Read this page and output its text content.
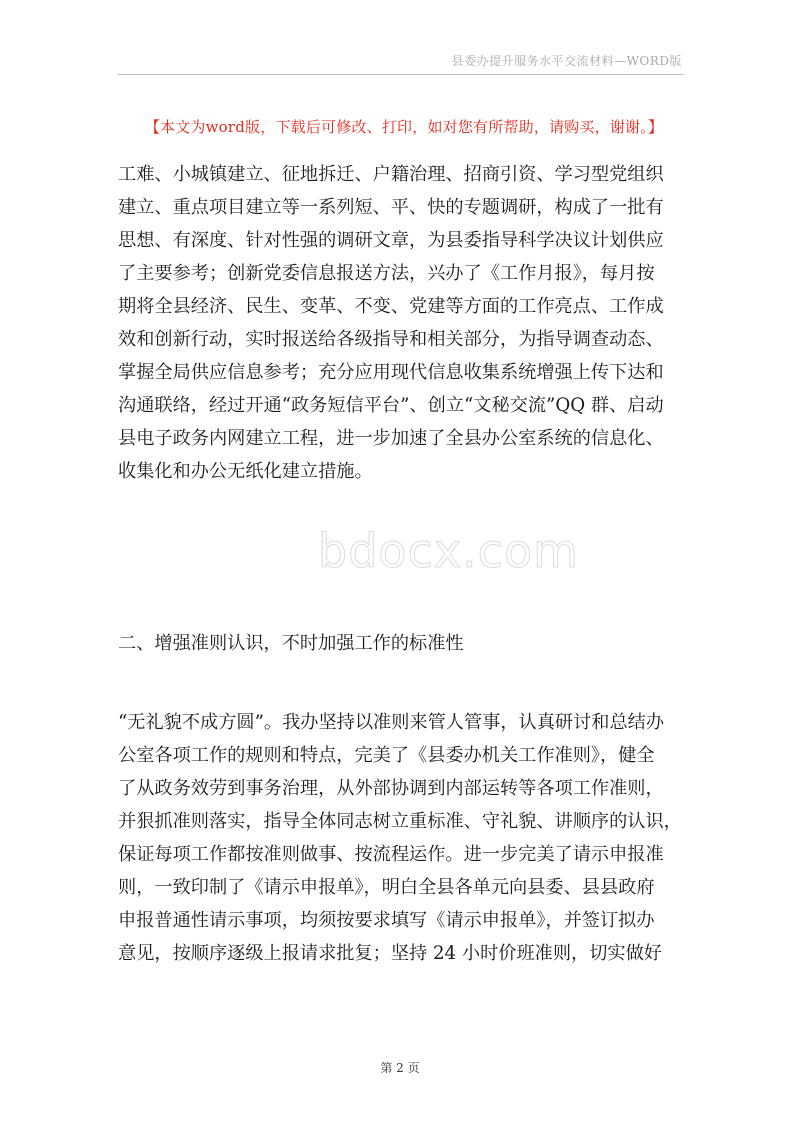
县委办提升服务水平交流材料—WORD版
【本文为word版，下载后可修改、打印，如对您有所帮助，请购买，谢谢。】
工难、小城镇建立、征地拆迁、户籍治理、招商引资、学习型党组织
建立、重点项目建立等一系列短、平、快的专题调研，构成了一批有
思想、有深度、针对性强的调研文章，为县委指导科学决议计划供应
了主要参考；创新党委信息报送方法，兴办了《工作月报》，每月按
期将全县经济、民生、变革、不变、党建等方面的工作亮点、工作成
效和创新行动，实时报送给各级指导和相关部分，为指导调查动态、
掌握全局供应信息参考；充分应用现代信息收集系统增强上传下达和
沟通联络，经过开通“政务短信平台”、创立“文秘交流”QQ 群、启动
县电子政务内网建立工程，进一步加速了全县办公室系统的信息化、
收集化和办公无纸化建立措施。
bdocx.com
二、增强准则认识，不时加强工作的标准性
“无礼貌不成方圆”。我办坚持以准则来管人管事，认真研讨和总结办
公室各项工作的规则和特点，完美了《县委办机关工作准则》，健全
了从政务效劳到事务治理，从外部协调到内部运转等各项工作准则，
并狠抓准则落实，指导全体同志树立重标准、守礼貌、讲顺序的认识，
保证每项工作都按准则做事、按流程运作。进一步完美了请示申报准
则，一致印制了《请示申报单》，明白全县各单元向县委、县县政府
申报普通性请示事项，均须按要求填写《请示申报单》，并签订拟办
意见，按顺序逐级上报请求批复；坚持 24 小时价班准则，切实做好
第 2 页
